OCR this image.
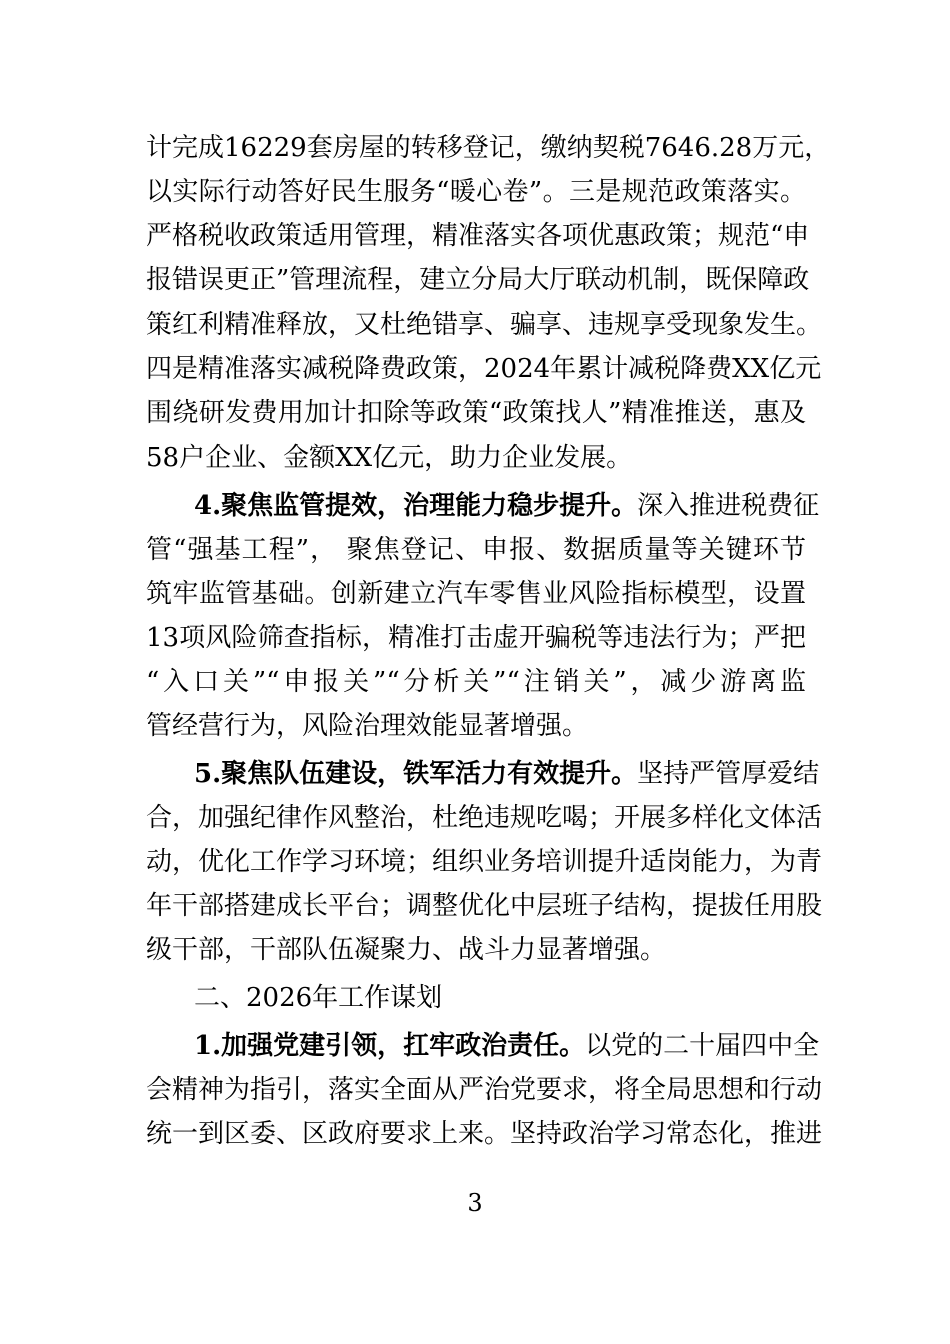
计完成16229套房屋的转移登记，缴纳契税7646.28万元，
以实际行动答好民生服务“暖心卷”。三是规范政策落实。
严格税收政策适用管理，精准落实各项优惠政策；规范“申
报错误更正”管理流程，建立分局大厅联动机制，既保障政
策红利精准释放，又杜绝错享、骗享、违规享受现象发生。
四是精准落实减税降费政策，2024年累计减税降费XX亿元
围绕研发费用加计扣除等政策“政策找人”精准推送，惠及
58户企业、金额XX亿元，助力企业发展。
4.聚焦监管提效，治理能力稳步提升。深入推进税费征
管“强基工程”， 聚焦登记、申报、数据质量等关键环节
筑牢监管基础。创新建立汽车零售业风险指标模型，设置
13项风险筛查指标，精准打击虚开骗税等违法行为；严把
“入口关”“申报关”“分析关”“注销关”，减少游离监
管经营行为，风险治理效能显著增强。
5.聚焦队伍建设，铁军活力有效提升。坚持严管厚爱结
合，加强纪律作风整治，杜绝违规吃喝；开展多样化文体活
动，优化工作学习环境；组织业务培训提升适岗能力，为青
年干部搭建成长平台；调整优化中层班子结构，提拔任用股
级干部，干部队伍凝聚力、战斗力显著增强。
二、2026年工作谋划
1.加强党建引领，扛牢政治责任。以党的二十届四中全
会精神为指引，落实全面从严治党要求，将全局思想和行动
统一到区委、区政府要求上来。坚持政治学习常态化，推进
3
